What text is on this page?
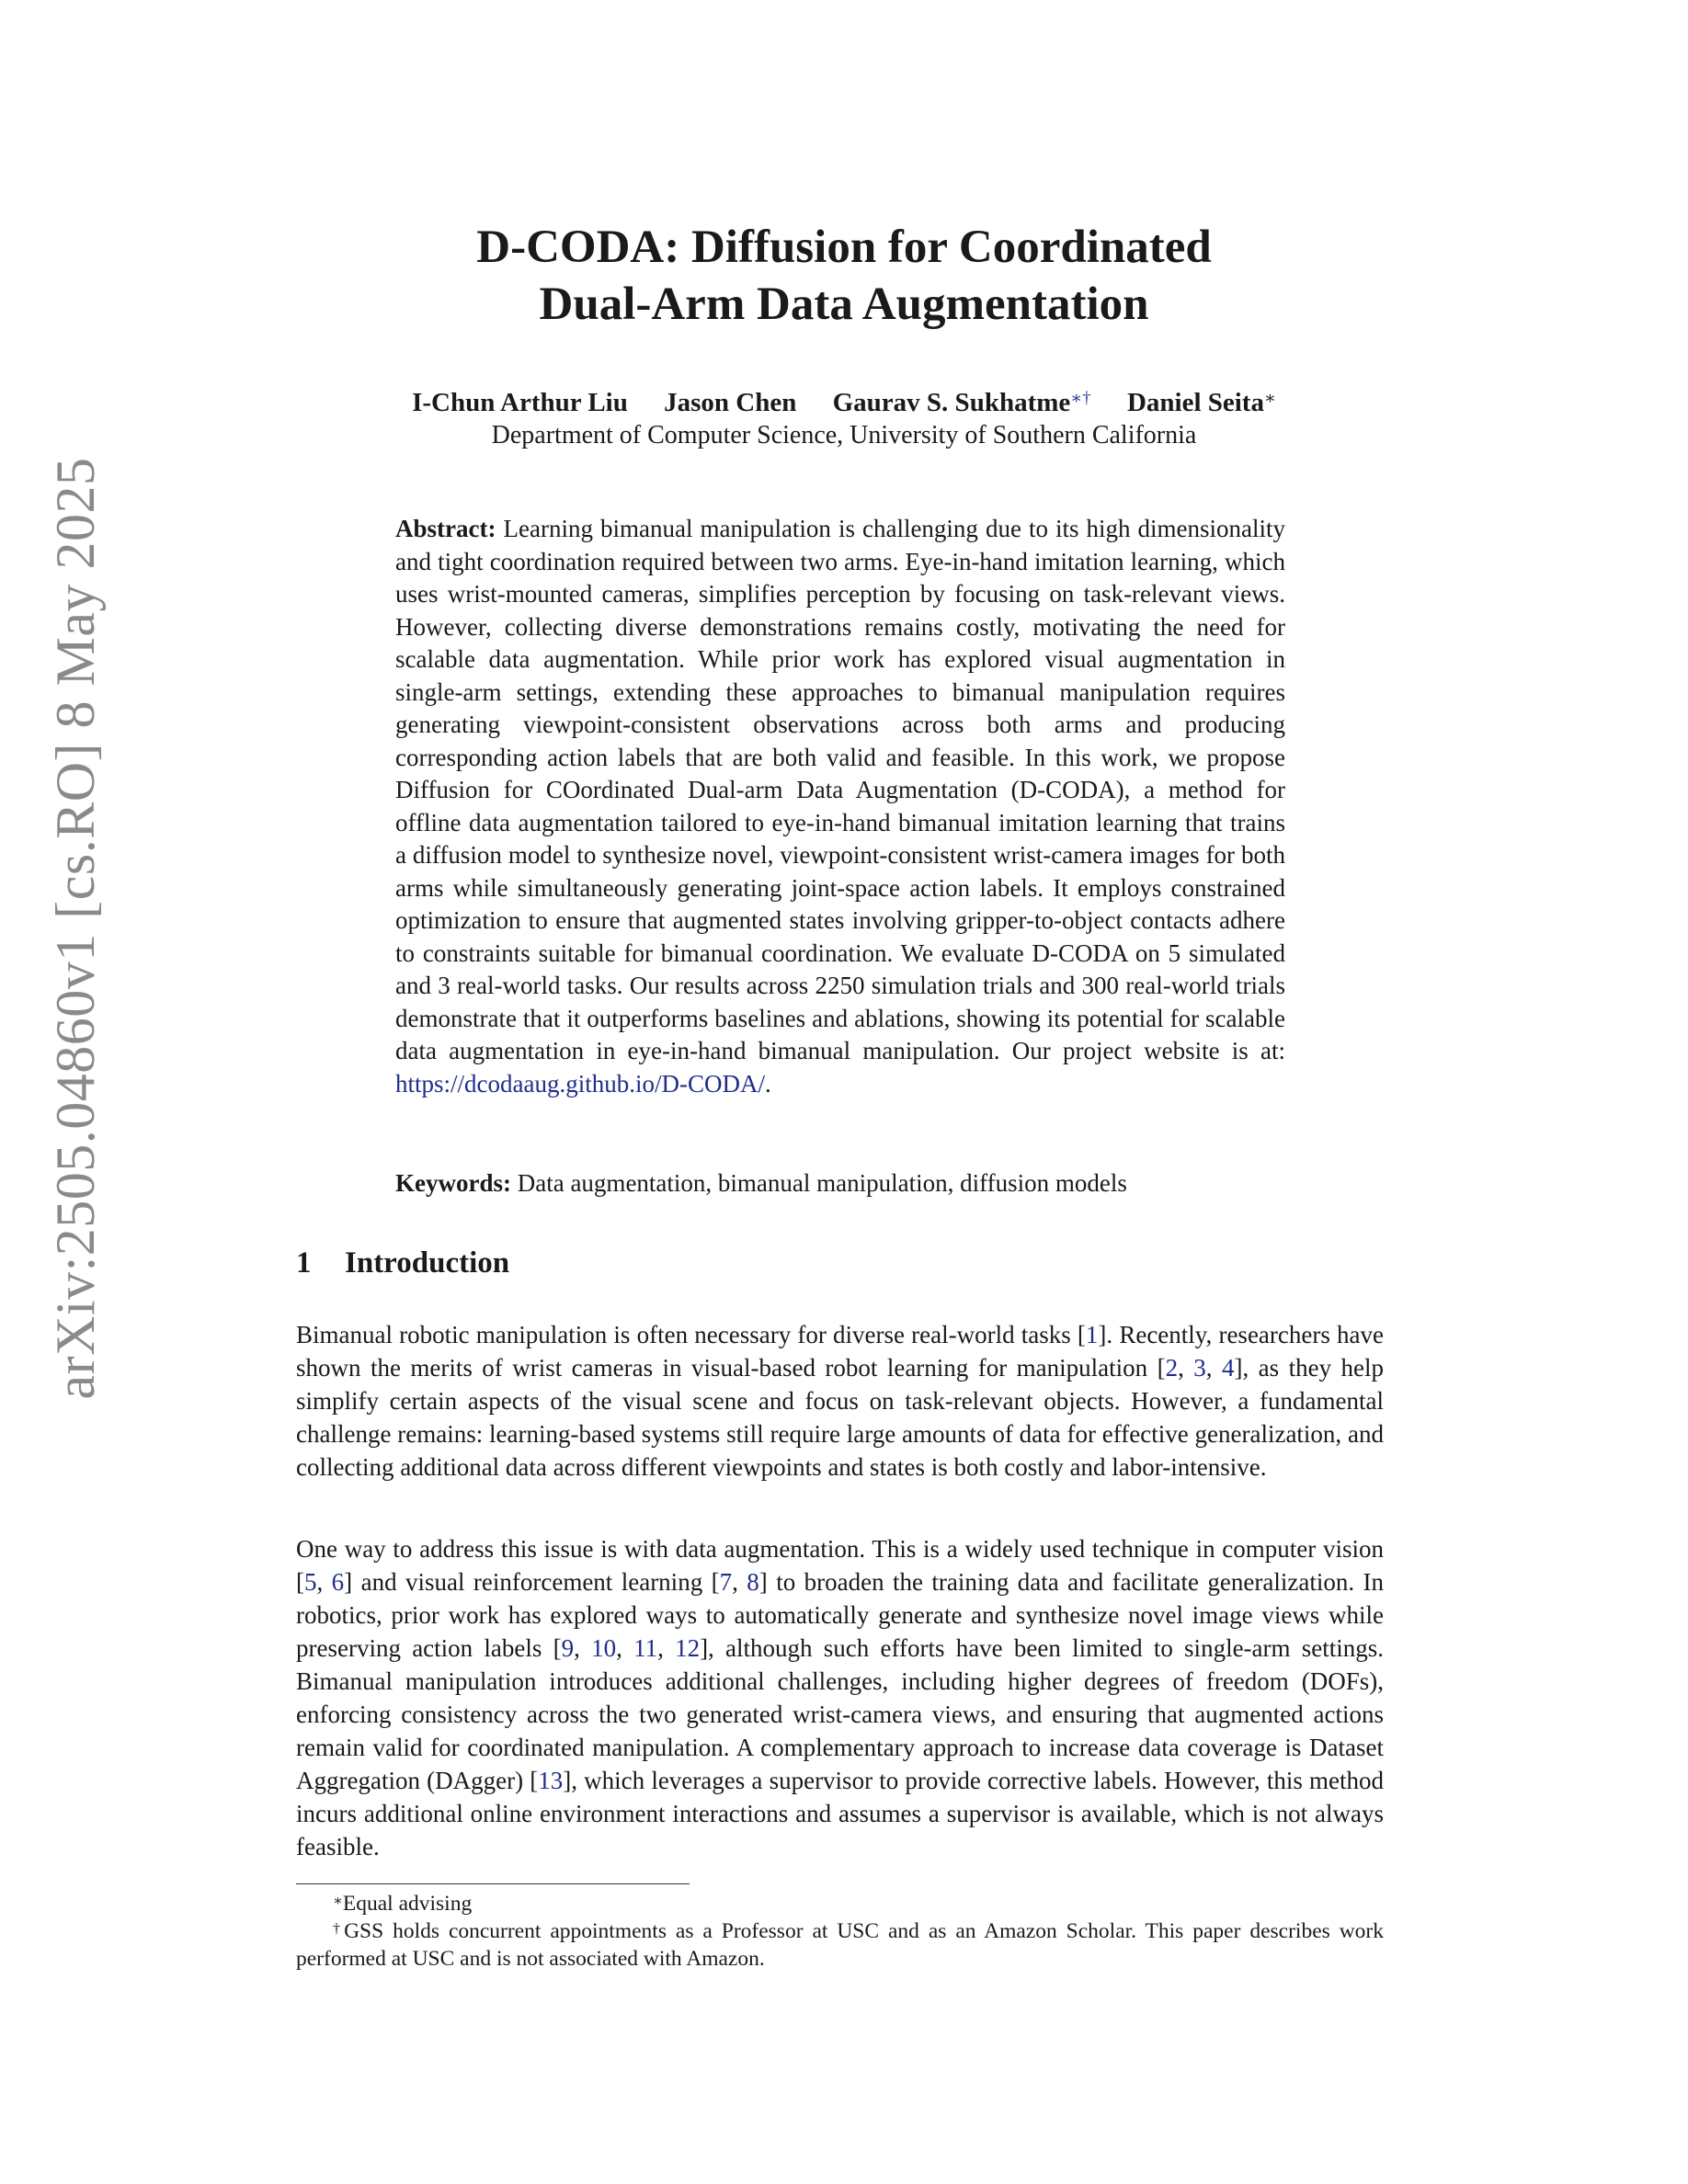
arXiv:2505.04860v1 [cs.RO] 8 May 2025
D-CODA: Diffusion for Coordinated
Dual-Arm Data Augmentation
I-Chun Arthur Liu Jason Chen Gaurav S. Sukhatme∗† Daniel Seita∗
Department of Computer Science, University of Southern California

Abstract: Learning bimanual manipulation is challenging due to its high dimensionality and tight coordination required between two arms. Eye-in-hand imitation learning, which uses wrist-mounted cameras, simplifies perception by focusing on task-relevant views. However, collecting diverse demonstrations remains costly, motivating the need for scalable data augmentation. While prior work has explored visual augmentation in single-arm settings, extending these approaches to bimanual manipulation requires generating viewpoint-consistent observations across both arms and producing corresponding action labels that are both valid and feasible. In this work, we propose Diffusion for COordinated Dual-arm Data Augmentation (D-CODA), a method for offline data augmentation tailored to eye-in-hand bimanual imitation learning that trains a diffusion model to synthesize novel, viewpoint-consistent wrist-camera images for both arms while simultaneously generating joint-space action labels. It employs constrained optimization to ensure that augmented states involving gripper-to-object contacts adhere to constraints suitable for bimanual coordination. We evaluate D-CODA on 5 simulated and 3 real-world tasks. Our results across 2250 simulation trials and 300 real-world trials demonstrate that it outperforms baselines and ablations, showing its potential for scalable data augmentation in eye-in-hand bimanual manipulation. Our project website is at: https://dcodaaug.github.io/D-CODA/.

Keywords: Data augmentation, bimanual manipulation, diffusion models
1 Introduction

Bimanual robotic manipulation is often necessary for diverse real-world tasks [1]. Recently, researchers have shown the merits of wrist cameras in visual-based robot learning for manipulation [2, 3, 4], as they help simplify certain aspects of the visual scene and focus on task-relevant objects. However, a fundamental challenge remains: learning-based systems still require large amounts of data for effective generalization, and collecting additional data across different viewpoints and states is both costly and labor-intensive.

One way to address this issue is with data augmentation. This is a widely used technique in computer vision [5, 6] and visual reinforcement learning [7, 8] to broaden the training data and facilitate generalization. In robotics, prior work has explored ways to automatically generate and synthesize novel image views while preserving action labels [9, 10, 11, 12], although such efforts have been limited to single-arm settings. Bimanual manipulation introduces additional challenges, including higher degrees of freedom (DOFs), enforcing consistency across the two generated wrist-camera views, and ensuring that augmented actions remain valid for coordinated manipulation. A complementary approach to increase data coverage is Dataset Aggregation (DAgger) [13], which leverages a supervisor to provide corrective labels. However, this method incurs additional online environment interactions and assumes a supervisor is available, which is not always feasible.

∗Equal advising

†GSS holds concurrent appointments as a Professor at USC and as an Amazon Scholar. This paper describes work performed at USC and is not associated with Amazon.
